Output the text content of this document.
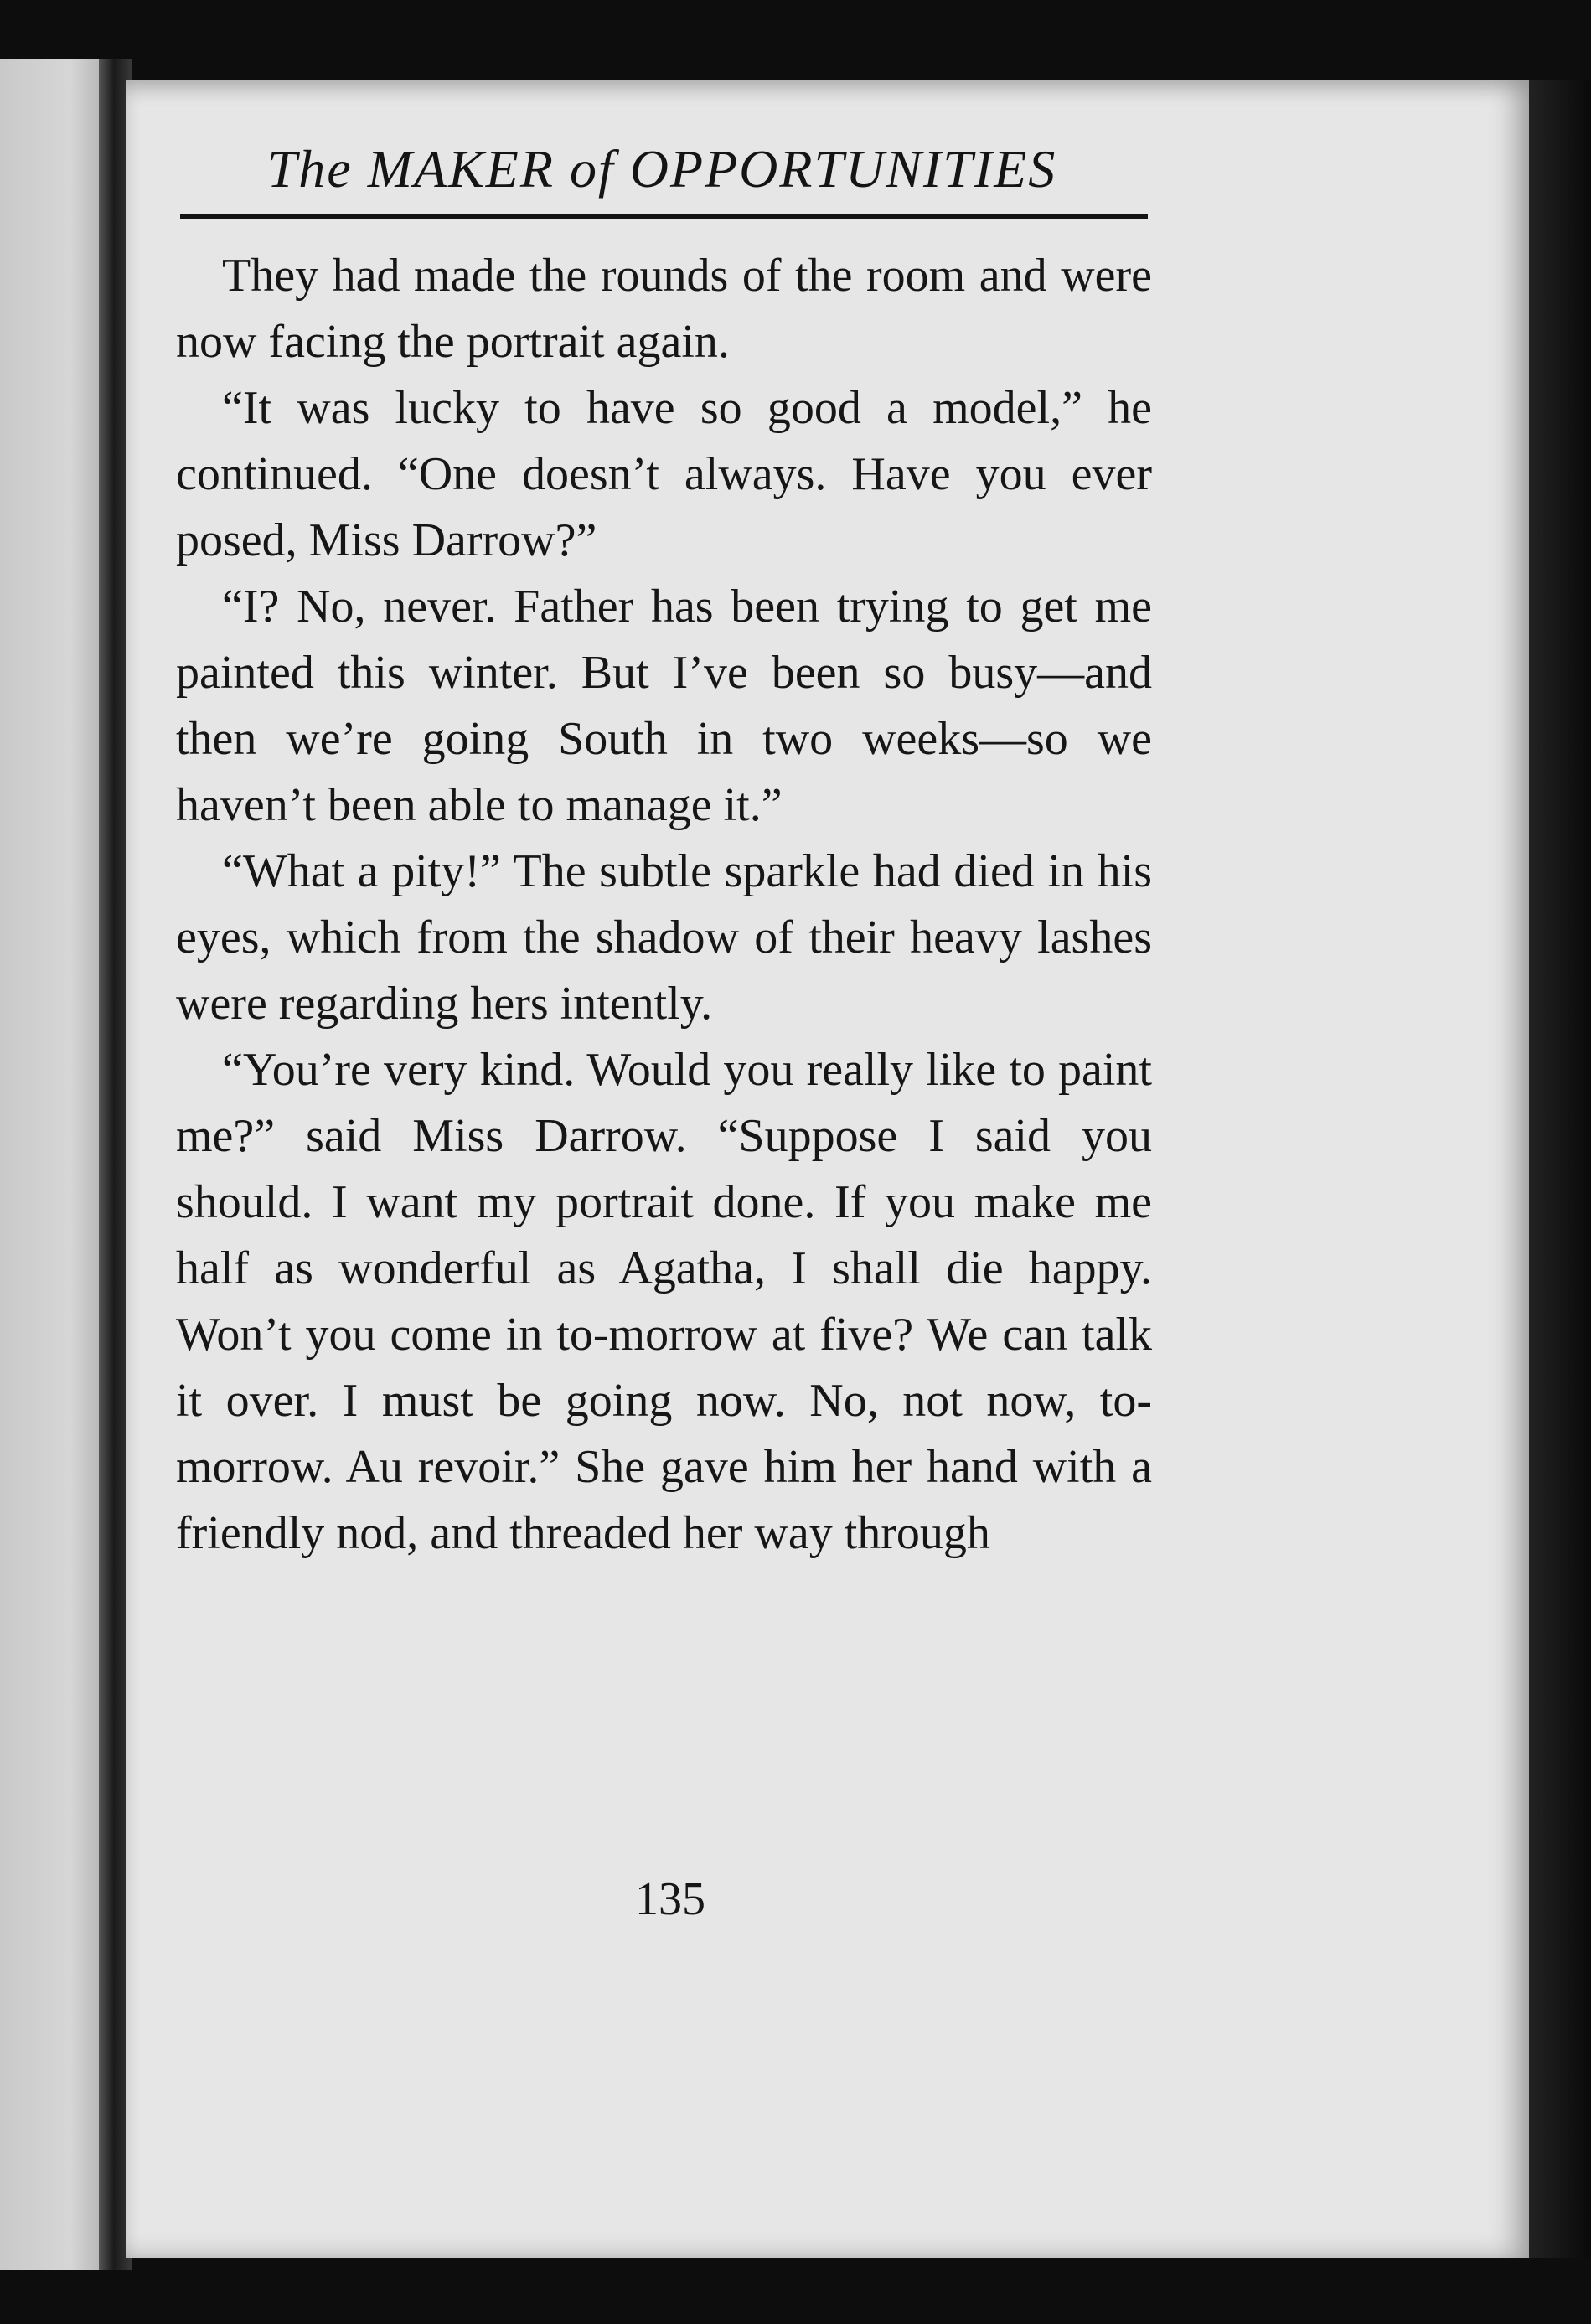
The MAKER of OPPORTUNITIES

They had made the rounds of the room and were now facing the portrait again.

“It was lucky to have so good a model,” he continued. “One doesn’t always. Have you ever posed, Miss Darrow?”

“I? No, never. Father has been trying to get me painted this winter. But I’ve been so busy—and then we’re going South in two weeks—so we haven’t been able to manage it.”

“What a pity!” The subtle sparkle had died in his eyes, which from the shadow of their heavy lashes were regarding hers intently.

“You’re very kind. Would you really like to paint me?” said Miss Darrow. “Suppose I said you should. I want my portrait done. If you make me half as wonderful as Agatha, I shall die happy. Won’t you come in to-morrow at five? We can talk it over. I must be going now. No, not now, to-morrow. Au revoir.” She gave him her hand with a friendly nod, and threaded her way through

135
